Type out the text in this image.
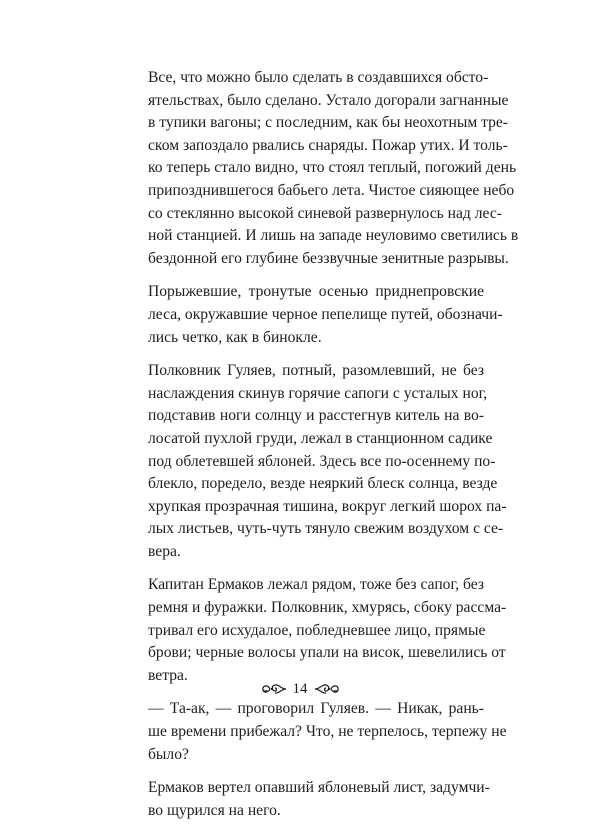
Все, что можно было сделать в создавшихся обсто-
ятельствах, было сделано. Устало догорали загнанные
в тупики вагоны; с последним, как бы неохотным тре-
ском запоздало рвались снаряды. Пожар утих. И толь-
ко теперь стало видно, что стоял теплый, погожий день
припозднившегося бабьего лета. Чистое сияющее небо
со стеклянно высокой синевой развернулось над лес-
ной станцией. И лишь на западе неуловимо светились в
бездонной его глубине беззвучные зенитные разрывы.

Порыжевшие, тронутые осенью приднепровские
леса, окружавшие черное пепелище путей, обозначи-
лись четко, как в бинокле.

Полковник Гуляев, потный, разомлевший, не без
наслаждения скинув горячие сапоги с усталых ног,
подставив ноги солнцу и расстегнув китель на во-
лосатой пухлой груди, лежал в станционном садике
под облетевшей яблоней. Здесь все по-осеннему по-
блекло, поредело, везде неяркий блеск солнца, везде
хрупкая прозрачная тишина, вокруг легкий шорох па-
лых листьев, чуть-чуть тянуло свежим воздухом с се-
вера.

Капитан Ермаков лежал рядом, тоже без сапог, без
ремня и фуражки. Полковник, хмурясь, сбоку рассма-
тривал его исхудалое, побледневшее лицо, прямые
брови; черные волосы упали на висок, шевелились от
ветра.

— Та-ак, — проговорил Гуляев. — Никак, рань-
ше времени прибежал? Что, не терпелось, терпежу не
было?

Ермаков вертел опавший яблоневый лист, задумчи-
во щурился на него.

14
